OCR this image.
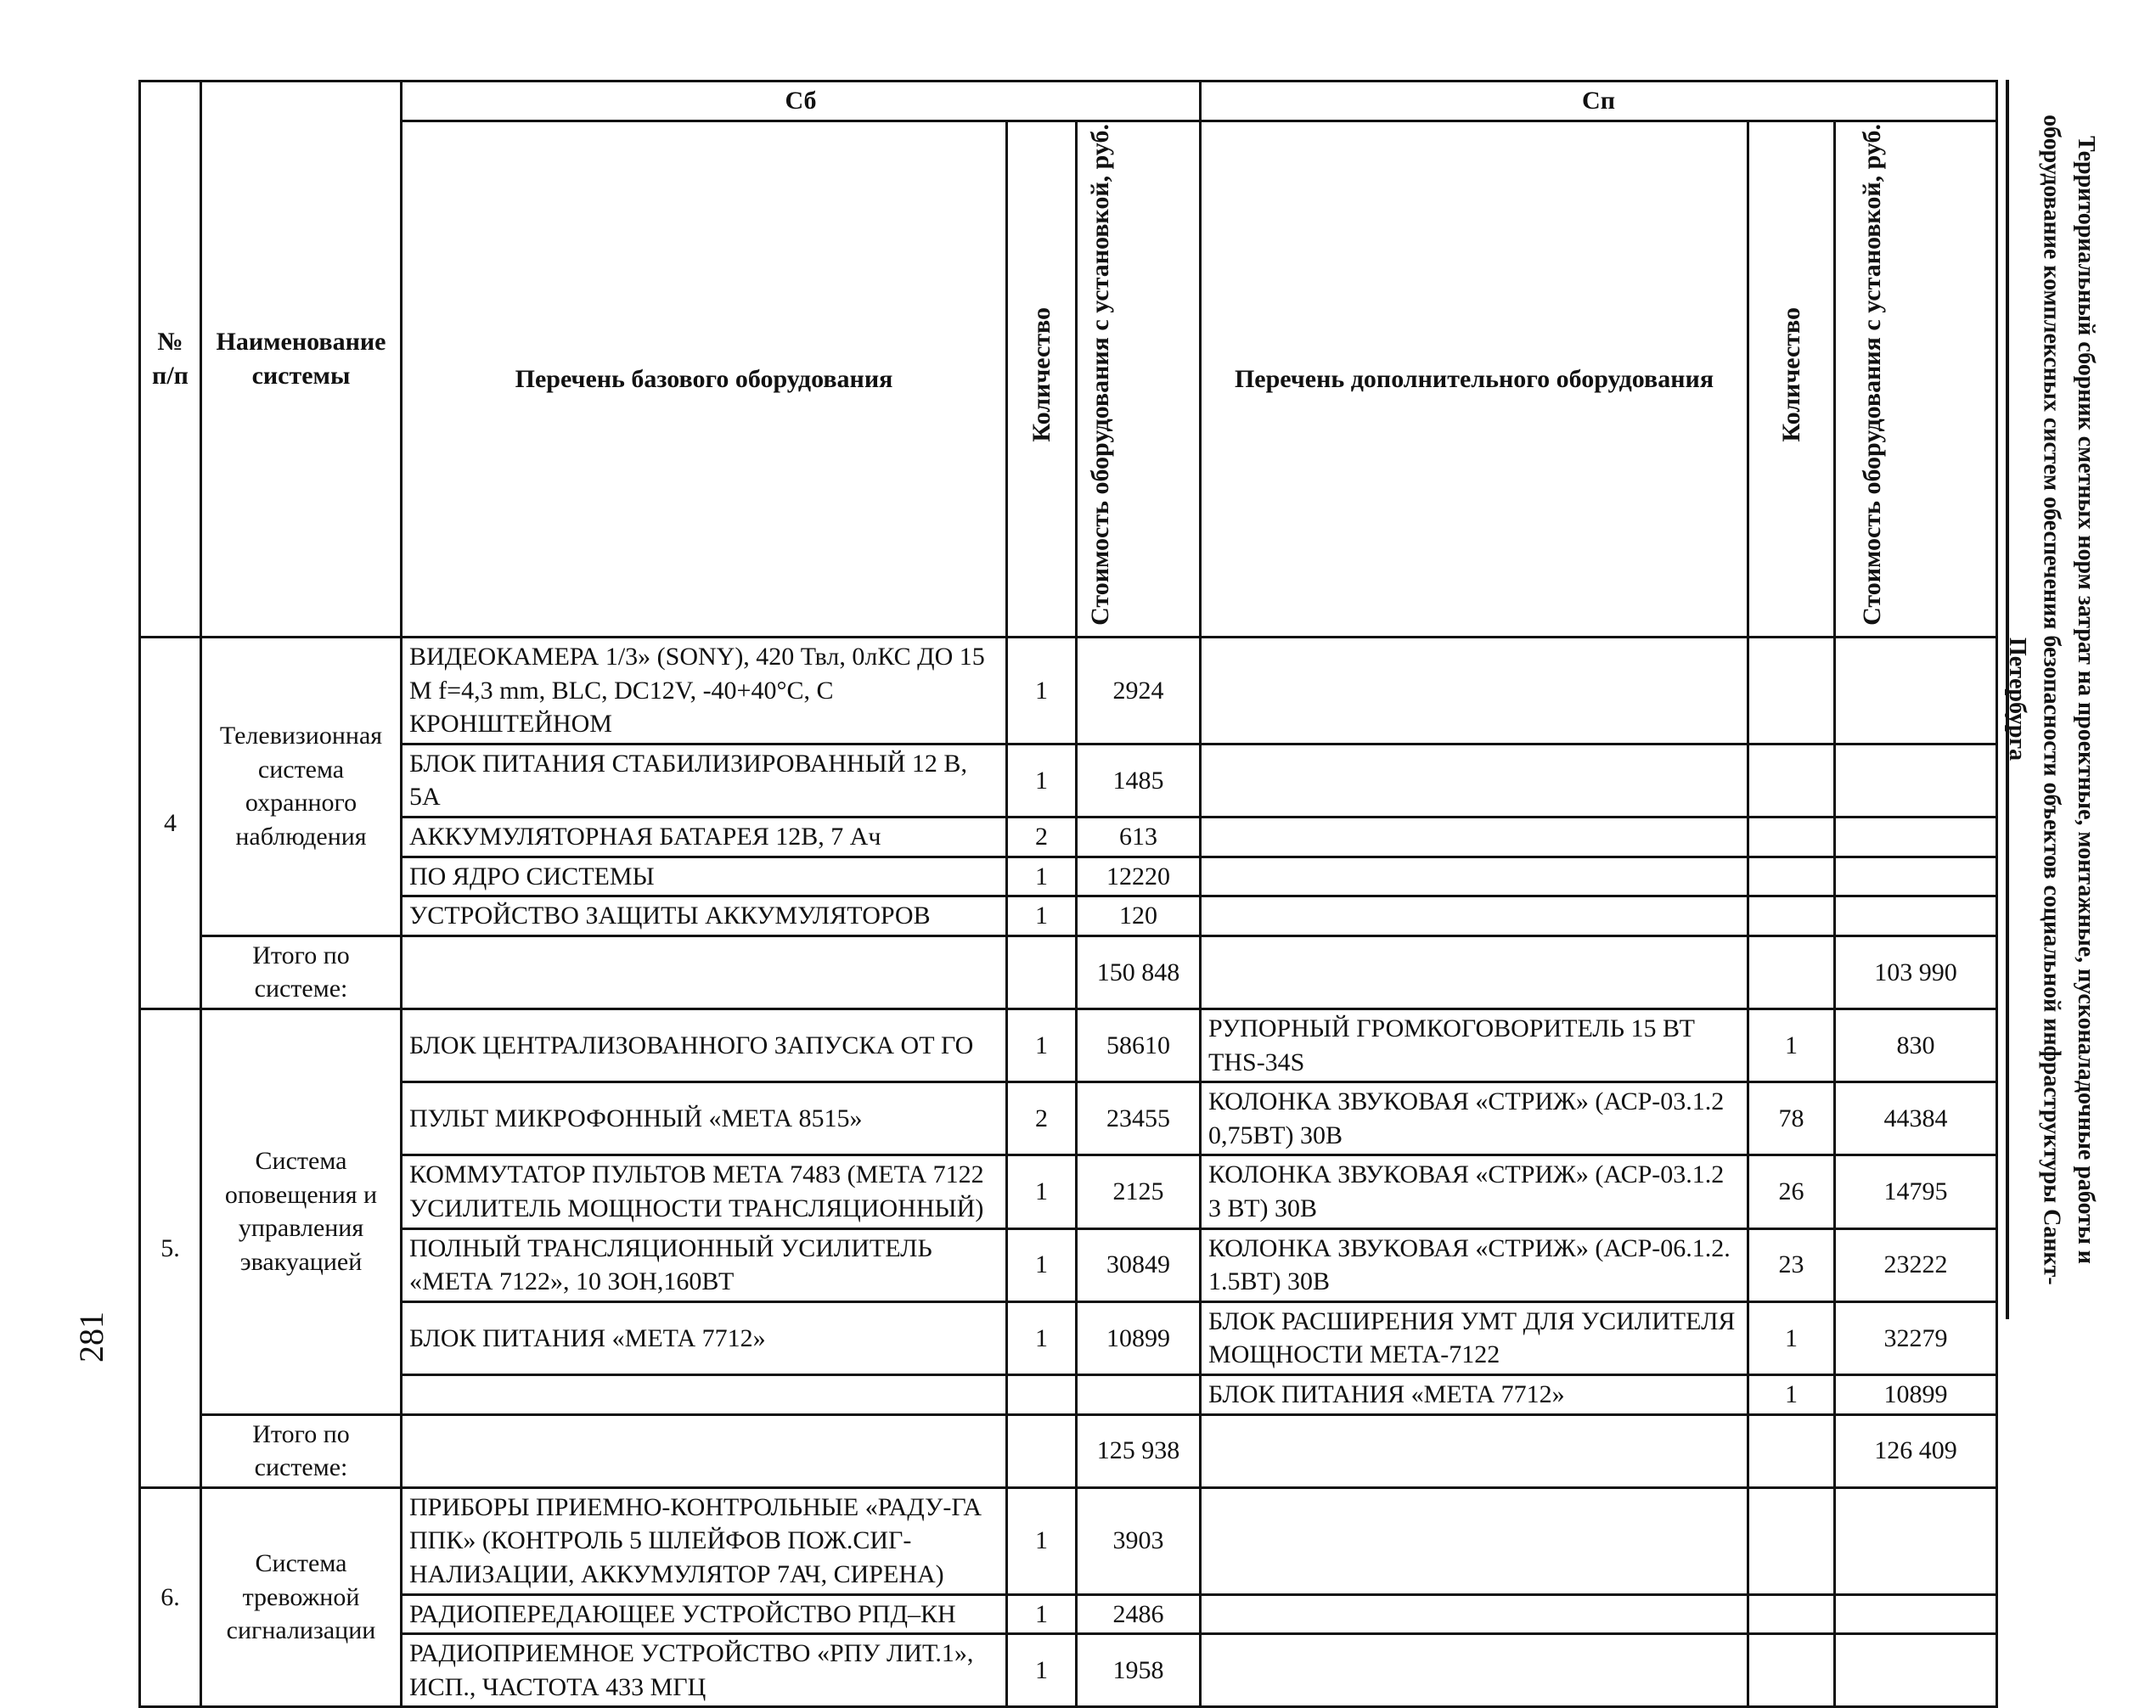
№ п/п	Наименование системы	Сб			Сп		
		Перечень базового оборудования	Количество	Стоимость оборудования с установкой, руб.	Перечень дополнительного оборудования	Количество	Стоимость оборудования с установкой, руб.
4	Телевизионная система охранного наблюдения	ВИДЕОКАМЕРА 1/3» (SONY), 420 Твл, 0лКС ДО 15 М f=4,3 mm, BLC, DC12V, -40+40°С, С КРОНШТЕЙНОМ	1	2924			
		БЛОК ПИТАНИЯ СТАБИЛИЗИРОВАННЫЙ 12 В, 5А	1	1485			
		АККУМУЛЯТОРНАЯ БАТАРЕЯ 12В, 7 Ач	2	613			
		ПО ЯДРО СИСТЕМЫ	1	12220			
		УСТРОЙСТВО ЗАЩИТЫ АККУМУЛЯТОРОВ	1	120			
	Итого по системе:			150 848			103 990
5.	Система оповещения и управления эвакуацией	БЛОК ЦЕНТРАЛИЗОВАННОГО ЗАПУСКА ОТ ГО	1	58610	РУПОРНЫЙ ГРОМКОГОВОРИТЕЛЬ 15 ВТ THS-34S	1	830
		ПУЛЬТ МИКРОФОННЫЙ «МЕТА 8515»	2	23455	КОЛОНКА ЗВУКОВАЯ «СТРИЖ» (АСР-03.1.2 0,75ВТ) 30В	78	44384
		КОММУТАТОР ПУЛЬТОВ МЕТА 7483 (МЕТА 7122 УСИЛИТЕЛЬ МОЩНОСТИ ТРАНСЛЯЦИОННЫЙ)	1	2125	КОЛОНКА ЗВУКОВАЯ «СТРИЖ» (АСР-03.1.2 3 ВТ) 30В	26	14795
		ПОЛНЫЙ ТРАНСЛЯЦИОННЫЙ УСИЛИТЕЛЬ «МЕТА 7122», 10 ЗОН,160ВТ	1	30849	КОЛОНКА ЗВУКОВАЯ «СТРИЖ» (АСР-06.1.2. 1.5ВТ) 30В	23	23222
		БЛОК ПИТАНИЯ «МЕТА 7712»	1	10899	БЛОК РАСШИРЕНИЯ УМТ ДЛЯ УСИЛИТЕЛЯ МОЩНОСТИ МЕТА-7122	1	32279
					БЛОК ПИТАНИЯ «МЕТА 7712»	1	10899
	Итого по системе:			125 938			126 409
6.	Система тревожной сигнализации	ПРИБОРЫ ПРИЕМНО-КОНТРОЛЬНЫЕ «РАДУ-ГА ППК» (КОНТРОЛЬ 5 ШЛЕЙФОВ ПОЖ.СИГ-НАЛИЗАЦИИ, АККУМУЛЯТОР 7АЧ, СИРЕНА)	1	3903			
		РАДИОПЕРЕДАЮЩЕЕ УСТРОЙСТВО РПД–КН	1	2486			
		РАДИОПРИЕМНОЕ УСТРОЙСТВО «РПУ ЛИТ.1», ИСП., ЧАСТОТА 433 МГЦ	1	1958			
Территориальный сборник сметных норм затрат на проектные, монтажные, пусконаладочные работы и оборудование комплексных систем обеспечения безопасности объектов социальной инфраструктуры Санкт-Петербурга
281
